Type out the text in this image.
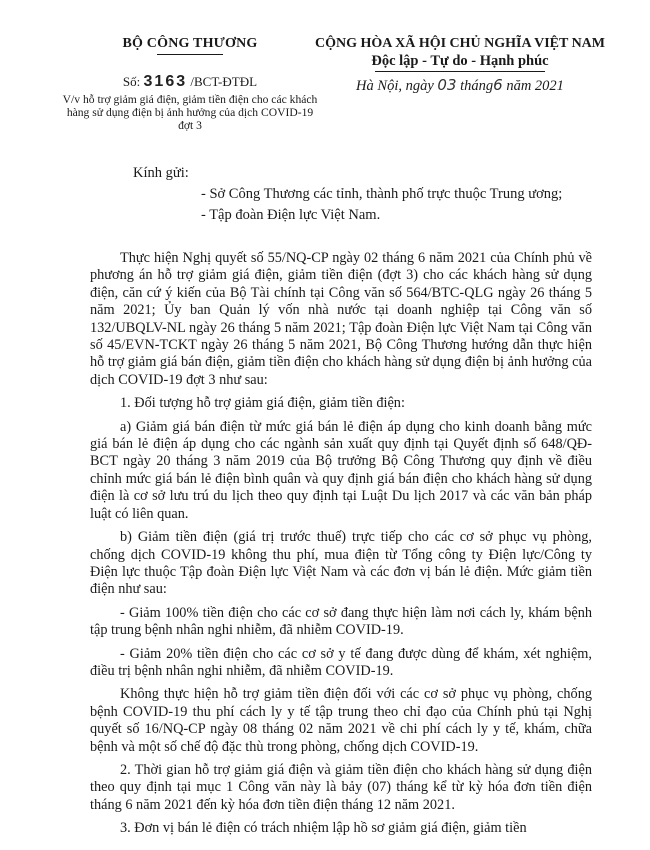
BỘ CÔNG THƯƠNG
Số: 3163 /BCT-ĐTĐL
V/v hỗ trợ giảm giá điện, giảm tiền điện cho các khách hàng sử dụng điện bị ảnh hưởng của dịch COVID-19 đợt 3
CỘNG HÒA XÃ HỘI CHỦ NGHĨA VIỆT NAM
Độc lập - Tự do - Hạnh phúc
Hà Nội, ngày 03 tháng6 năm 2021
Kính gửi:
- Sở Công Thương các tỉnh, thành phố trực thuộc Trung ương;
- Tập đoàn Điện lực Việt Nam.

Thực hiện Nghị quyết số 55/NQ-CP ngày 02 tháng 6 năm 2021 của Chính phủ về phương án hỗ trợ giảm giá điện, giảm tiền điện (đợt 3) cho các khách hàng sử dụng điện, căn cứ ý kiến của Bộ Tài chính tại Công văn số 564/BTC-QLG ngày 26 tháng 5 năm 2021; Ủy ban Quản lý vốn nhà nước tại doanh nghiệp tại Công văn số 132/UBQLV-NL ngày 26 tháng 5 năm 2021; Tập đoàn Điện lực Việt Nam tại Công văn số 45/EVN-TCKT ngày 26 tháng 5 năm 2021, Bộ Công Thương hướng dẫn thực hiện hỗ trợ giảm giá bán điện, giảm tiền điện cho khách hàng sử dụng điện bị ảnh hưởng của dịch COVID-19 đợt 3 như sau:

1. Đối tượng hỗ trợ giảm giá điện, giảm tiền điện:

a) Giảm giá bán điện từ mức giá bán lẻ điện áp dụng cho kinh doanh bằng mức giá bán lẻ điện áp dụng cho các ngành sản xuất quy định tại Quyết định số 648/QĐ-BCT ngày 20 tháng 3 năm 2019 của Bộ trưởng Bộ Công Thương quy định về điều chỉnh mức giá bán lẻ điện bình quân và quy định giá bán điện cho khách hàng sử dụng điện là cơ sở lưu trú du lịch theo quy định tại Luật Du lịch 2017 và các văn bản pháp luật có liên quan.

b) Giảm tiền điện (giá trị trước thuế) trực tiếp cho các cơ sở phục vụ phòng, chống dịch COVID-19 không thu phí, mua điện từ Tổng công ty Điện lực/Công ty Điện lực thuộc Tập đoàn Điện lực Việt Nam và các đơn vị bán lẻ điện. Mức giảm tiền điện như sau:

- Giảm 100% tiền điện cho các cơ sở đang thực hiện làm nơi cách ly, khám bệnh tập trung bệnh nhân nghi nhiễm, đã nhiễm COVID-19.

- Giảm 20% tiền điện cho các cơ sở y tế đang được dùng để khám, xét nghiệm, điều trị bệnh nhân nghi nhiễm, đã nhiễm COVID-19.

Không thực hiện hỗ trợ giảm tiền điện đối với các cơ sở phục vụ phòng, chống bệnh COVID-19 thu phí cách ly y tế tập trung theo chỉ đạo của Chính phủ tại Nghị quyết số 16/NQ-CP ngày 08 tháng 02 năm 2021 về chi phí cách ly y tế, khám, chữa bệnh và một số chế độ đặc thù trong phòng, chống dịch COVID-19.

2. Thời gian hỗ trợ giảm giá điện và giảm tiền điện cho khách hàng sử dụng điện theo quy định tại mục 1 Công văn này là bảy (07) tháng kể từ kỳ hóa đơn tiền điện tháng 6 năm 2021 đến kỳ hóa đơn tiền điện tháng 12 năm 2021.

3. Đơn vị bán lẻ điện có trách nhiệm lập hồ sơ giảm giá điện, giảm tiền
